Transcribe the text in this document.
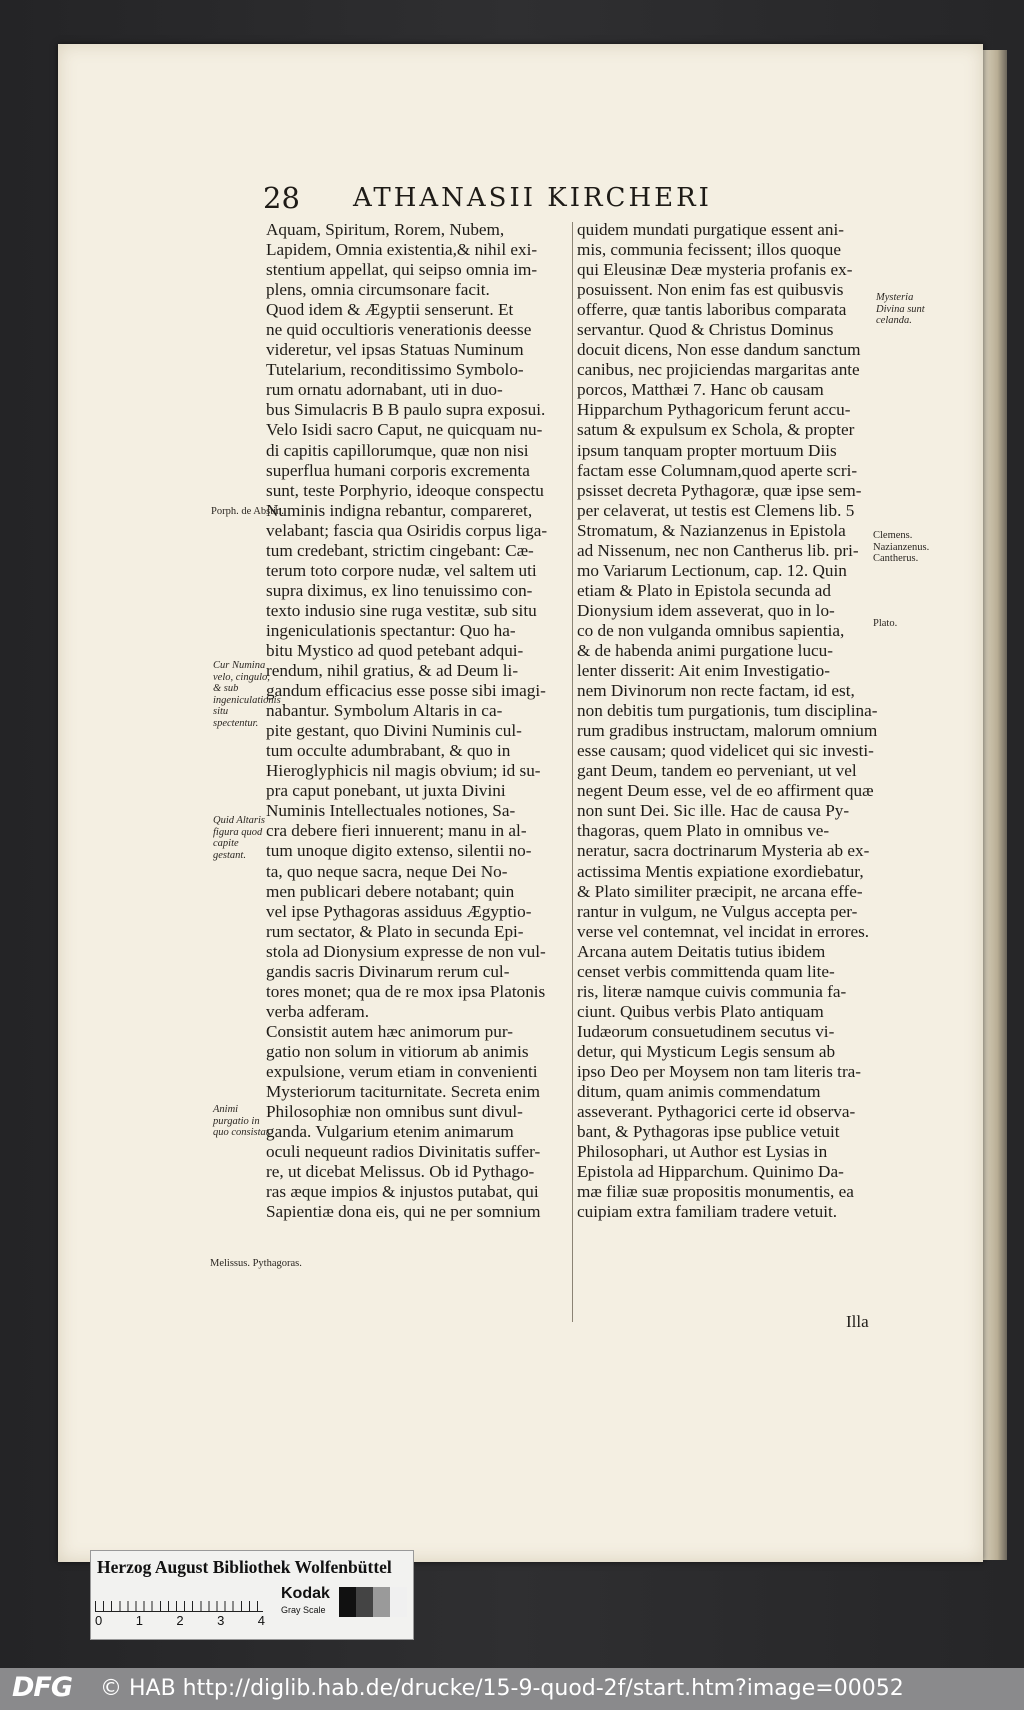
28 ATHANASII KIRCHERI
Aquam, Spiritum, Rorem, Nubem,
Lapidem, Omnia existentia,& nihil exi-
stentium appellat, qui seipso omnia im-
plens, omnia circumsonare facit.
Quod idem & Ægyptii senserunt. Et
ne quid occultioris venerationis deesse
videretur, vel ipsas Statuas Numinum
Tutelarium, reconditissimo Symbolo-
rum ornatu adornabant, uti in duo-
bus Simulacris B B paulo supra exposui.
Velo Isidi sacro Caput, ne quicquam nu-
di capitis capillorumque, quæ non nisi
superflua humani corporis excrementa
sunt, teste Porphyrio, ideoque conspectu
Numinis indigna rebantur, compareret,
velabant; fascia qua Osiridis corpus liga-
tum credebant, strictim cingebant: Cæ-
terum toto corpore nudæ, vel saltem uti
supra diximus, ex lino tenuissimo con-
texto indusio sine ruga vestitæ, sub situ
ingeniculationis spectantur: Quo ha-
bitu Mystico ad quod petebant adqui-
rendum, nihil gratius, & ad Deum li-
gandum efficacius esse posse sibi imagi-
nabantur. Symbolum Altaris in ca-
pite gestant, quo Divini Numinis cul-
tum occulte adumbrabant, & quo in
Hieroglyphicis nil magis obvium; id su-
pra caput ponebant, ut juxta Divini
Numinis Intellectuales notiones, Sa-
cra debere fieri innuerent; manu in al-
tum unoque digito extenso, silentii no-
ta, quo neque sacra, neque Dei No-
men publicari debere notabant; quin
vel ipse Pythagoras assiduus Ægyptio-
rum sectator, & Plato in secunda Epi-
stola ad Dionysium expresse de non vul-
gandis sacris Divinarum rerum cul-
tores monet; qua de re mox ipsa Platonis
verba adferam.
Consistit autem hæc animorum pur-
gatio non solum in vitiorum ab animis
expulsione, verum etiam in convenienti
Mysteriorum taciturnitate. Secreta enim
Philosophiæ non omnibus sunt divul-
ganda. Vulgarium etenim animarum
oculi nequeunt radios Divinitatis suffer-
re, ut dicebat Melissus. Ob id Pythago-
ras æque impios & injustos putabat, qui
Sapientiæ dona eis, qui ne per somnium
quidem mundati purgatique essent ani-
mis, communia fecissent; illos quoque
qui Eleusinæ Deæ mysteria profanis ex-
posuissent. Non enim fas est quibusvis
offerre, quæ tantis laboribus comparata
servantur. Quod & Christus Dominus
docuit dicens, Non esse dandum sanctum
canibus, nec projiciendas margaritas ante
porcos, Matthæi 7. Hanc ob causam
Hipparchum Pythagoricum ferunt accu-
satum & expulsum ex Schola, & propter
ipsum tanquam propter mortuum Diis
factam esse Columnam,quod aperte scri-
psisset decreta Pythagoræ, quæ ipse sem-
per celaverat, ut testis est Clemens lib. 5
Stromatum, & Nazianzenus in Epistola
ad Nissenum, nec non Cantherus lib. pri-
mo Variarum Lectionum, cap. 12. Quin
etiam & Plato in Epistola secunda ad
Dionysium idem asseverat, quo in lo-
co de non vulganda omnibus sapientia,
& de habenda animi purgatione lucu-
lenter disserit: Ait enim Investigatio-
nem Divinorum non recte factam, id est,
non debitis tum purgationis, tum disciplina-
rum gradibus instructam, malorum omnium
esse causam; quod videlicet qui sic investi-
gant Deum, tandem eo perveniant, ut vel
negent Deum esse, vel de eo affirment quæ
non sunt Dei. Sic ille. Hac de causa Py-
thagoras, quem Plato in omnibus ve-
neratur, sacra doctrinarum Mysteria ab ex-
actissima Mentis expiatione exordiebatur,
& Plato similiter præcipit, ne arcana effe-
rantur in vulgum, ne Vulgus accepta per-
verse vel contemnat, vel incidat in errores.
Arcana autem Deitatis tutius ibidem
censet verbis committenda quam lite-
ris, literæ namque cuivis communia fa-
ciunt. Quibus verbis Plato antiquam
Iudæorum consuetudinem secutus vi-
detur, qui Mysticum Legis sensum ab
ipso Deo per Moysem non tam literis tra-
ditum, quam animis commendatum
asseverant. Pythagorici certe id observa-
bant, & Pythagoras ipse publice vetuit
Philosophari, ut Author est Lysias in
Epistola ad Hipparchum. Quinimo Da-
mæ filiæ suæ propositis monumentis, ea
cuipiam extra familiam tradere vetuit.
Illa
Porph. de Abstin.
Cur Numina velo, cingulo, & sub ingeniculationis situ spectentur.
Quid Altaris figura quod capite gestant.
Animi purgatio in quo consistat.
Melissus. Pythagoras.
Mysteria Divina sunt celanda.
Clemens. Nazianzenus. Cantherus.
Plato.
Herzog August Bibliothek Wolfenbüttel
0	1	2	3	4
Kodak
Gray Scale
DFG © HAB http://diglib.hab.de/drucke/15-9-quod-2f/start.htm?image=00052
